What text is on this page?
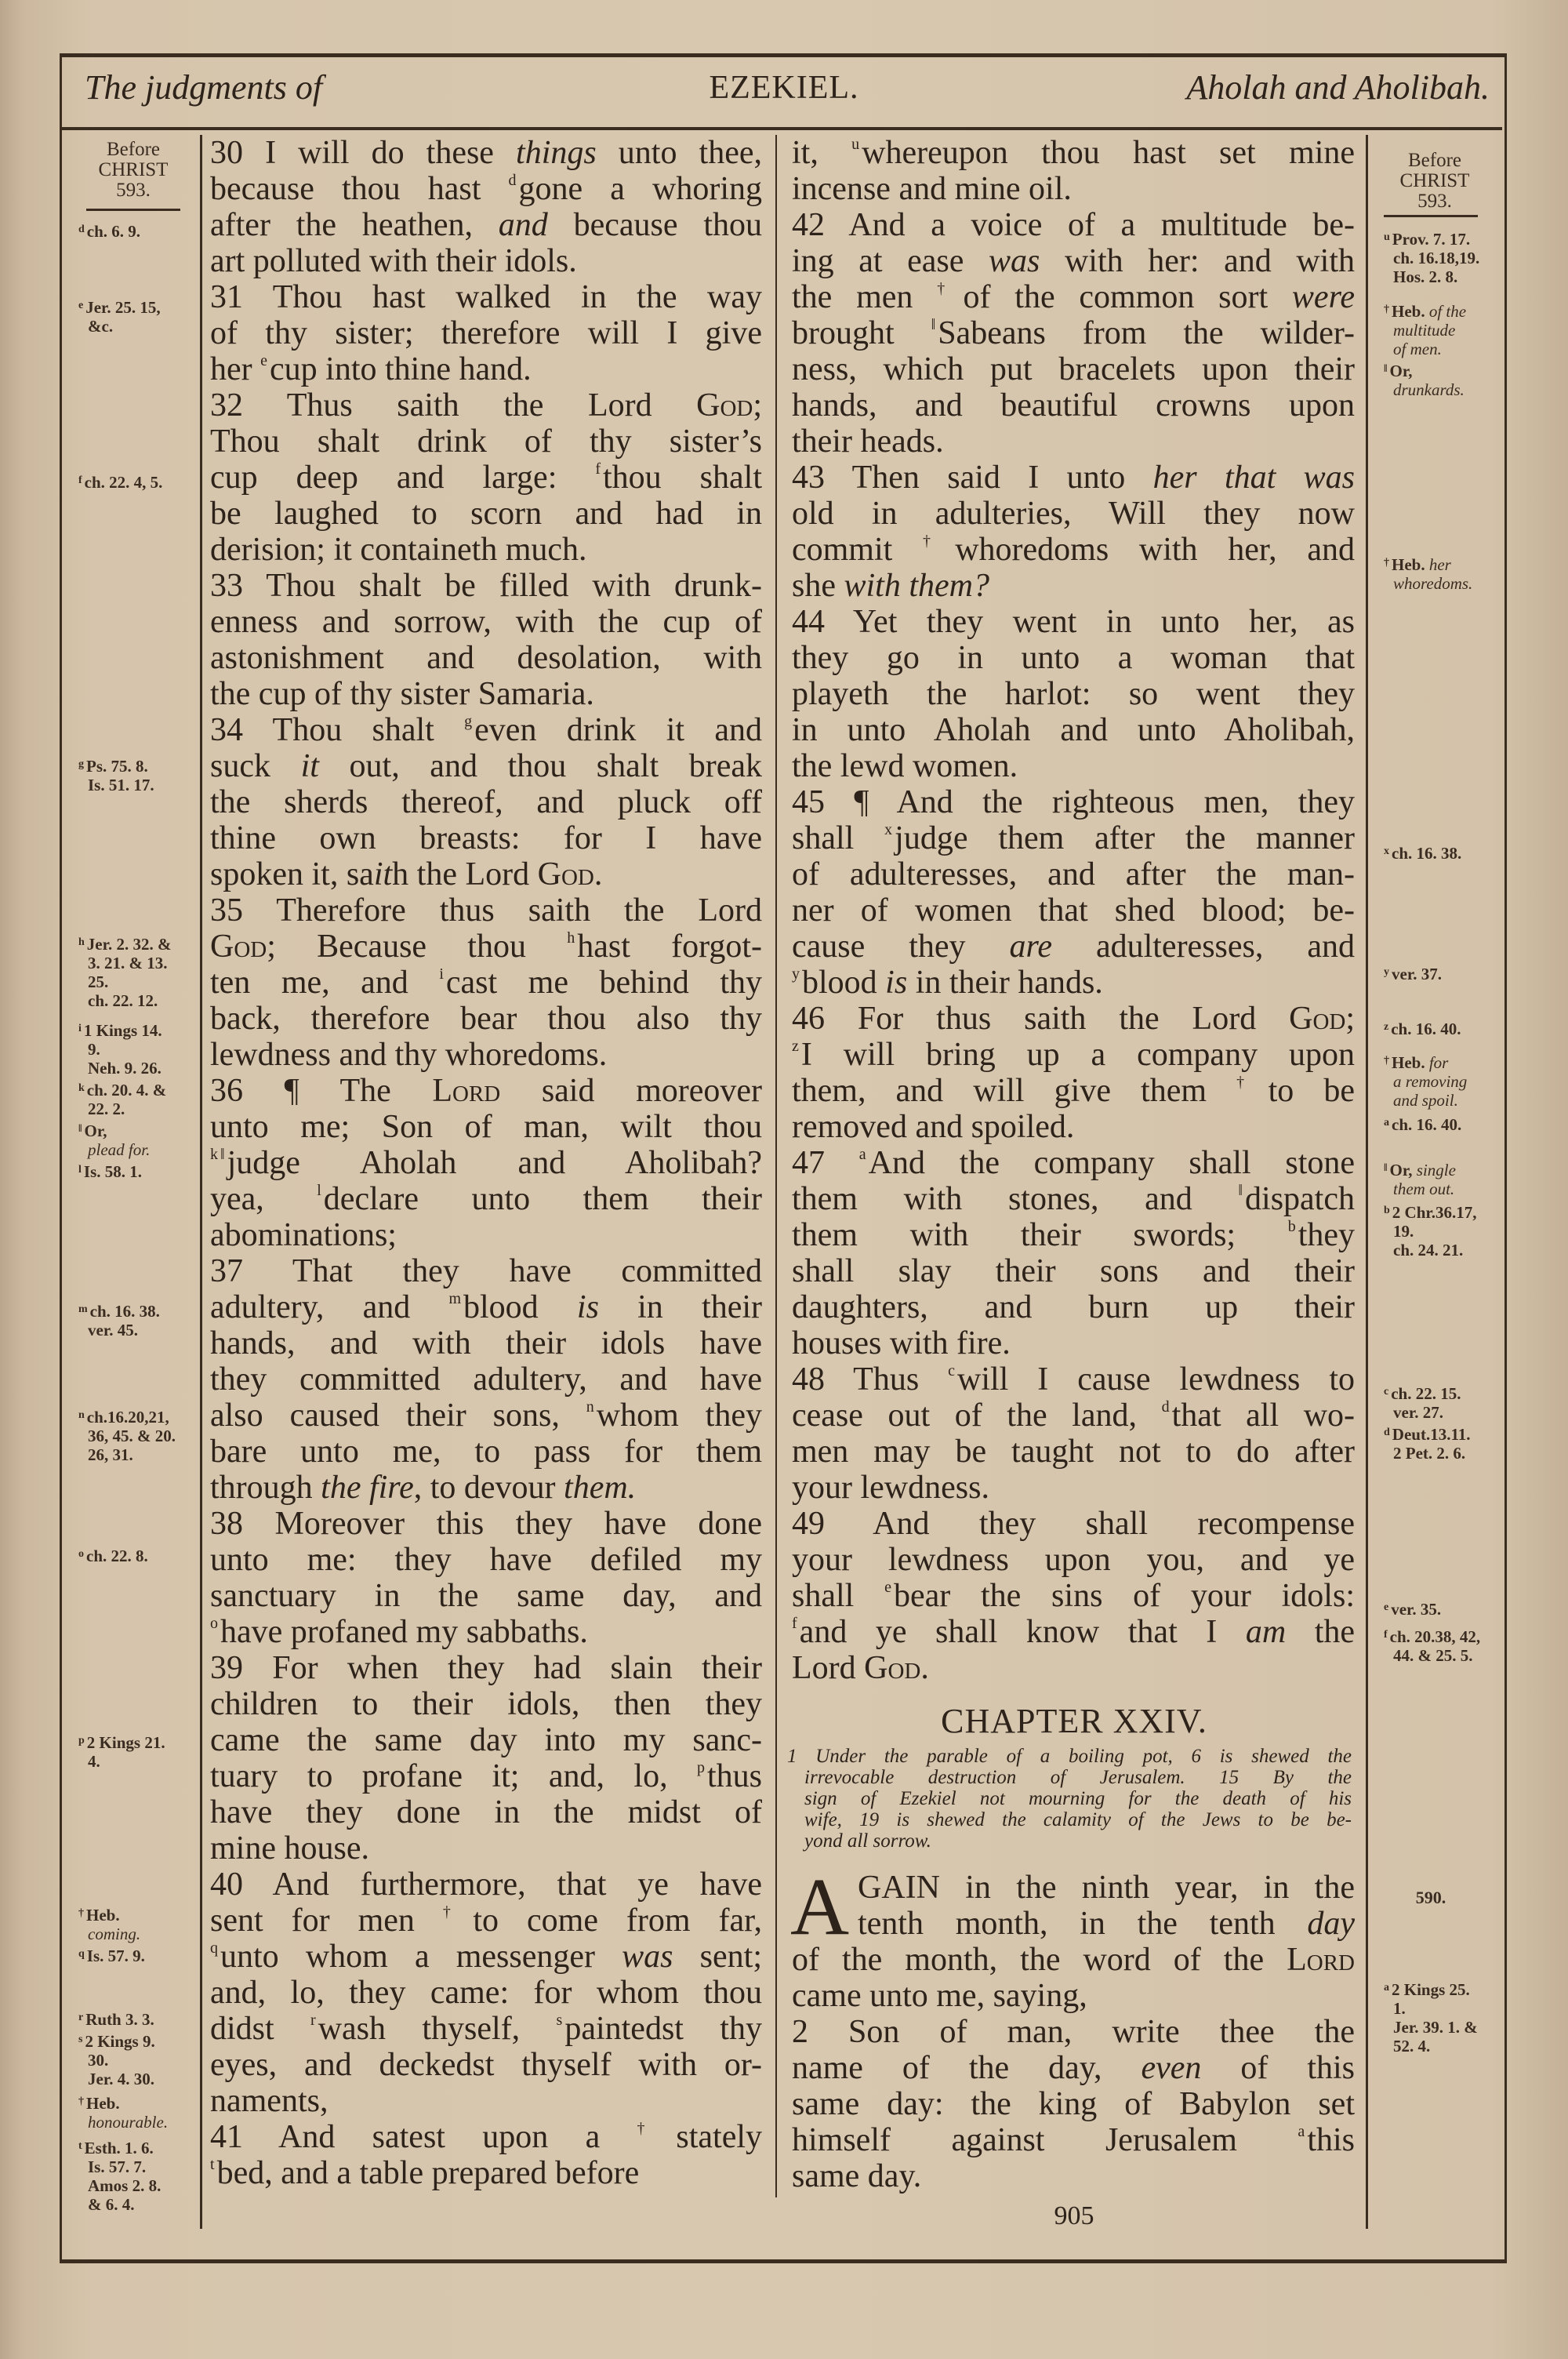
The judgments of	EZEKIEL.	Aholah and Aholibah.
Before
CHRIST
593.
$^d$ ch. 6. 9.
$^e$ Jer. 25. 15,
&c.
$^f$ ch. 22. 4, 5.
$^g$ Ps. 75. 8.
Is. 51. 17.
$^h$ Jer. 2. 32. &
3. 21. & 13.
25.
ch. 22. 12.
$^i$ 1 Kings 14.
9.
Neh. 9. 26.
$^k$ ch. 20. 4. &
22. 2.
‖ Or,
plead for.
$^l$ Is. 58. 1.
$^m$ ch. 16. 38.
ver. 45.
$^n$ ch.16.20,21,
36, 45. & 20.
26, 31.
$^o$ ch. 22. 8.
$^p$ 2 Kings 21.
4.
† Heb.
coming.
$^q$ Is. 57. 9.
$^r$ Ruth 3. 3.
$^s$ 2 Kings 9.
30.
Jer. 4. 30.
† Heb.
honourable.
$^t$ Esth. 1. 6.
Is. 57. 7.
Amos 2. 8.
& 6. 4.
Before
CHRIST
593.
590.
$^u$ Prov. 7. 17.
ch. 16.18,19.
Hos. 2. 8.
† Heb. of the
multitude
of men.
‖ Or,
drunkards.
† Heb. her
whoredoms.
$^x$ ch. 16. 38.
$^y$ ver. 37.
$^z$ ch. 16. 40.
† Heb. for
a removing
and spoil.
$^a$ ch. 16. 40.
‖ Or, single
them out.
$^b$ 2 Chr.36.17,
19.
ch. 24. 21.
$^c$ ch. 22. 15.
ver. 27.
$^d$ Deut.13.11.
2 Pet. 2. 6.
$^e$ ver. 35.
$^f$ ch. 20.38, 42,
44. & 25. 5.
$^a$ 2 Kings 25.
1.
Jer. 39. 1. &
52. 4.
30 I will do these things unto thee,
because thou hast $^d$gone a whoring
after the heathen, and because thou
art polluted with their idols.
31 Thou hast walked in the way
of thy sister; therefore will I give
her $^e$cup into thine hand.
32 Thus saith the Lord God;
Thou shalt drink of thy sister’s
cup deep and large: $^f$thou shalt
be laughed to scorn and had in
derision; it containeth much.
33 Thou shalt be filled with drunk-
enness and sorrow, with the cup of
astonishment and desolation, with
the cup of thy sister Samaria.
34 Thou shalt $^g$even drink it and
suck it out, and thou shalt break
the sherds thereof, and pluck off
thine own breasts: for I have
spoken it, saith the Lord God.
35 Therefore thus saith the Lord
God; Because thou $^h$hast forgot-
ten me, and $^i$cast me behind thy
back, therefore bear thou also thy
lewdness and thy whoredoms.
36 ¶ The Lord said moreover
unto me; Son of man, wilt thou
$^k$ ‖judge Aholah and Aholibah?
yea, $^l$declare unto them their
abominations;
37 That they have committed
adultery, and $^m$blood is in their
hands, and with their idols have
they committed adultery, and have
also caused their sons, $^n$whom they
bare unto me, to pass for them
through the fire, to devour them.
38 Moreover this they have done
unto me: they have defiled my
sanctuary in the same day, and
$^o$have profaned my sabbaths.
39 For when they had slain their
children to their idols, then they
came the same day into my sanc-
tuary to profane it; and, lo, $^p$thus
have they done in the midst of
mine house.
40 And furthermore, that ye have
sent for men †to come from far,
$^q$unto whom a messenger was sent;
and, lo, they came: for whom thou
didst $^r$wash thyself, $^s$paintedst thy
eyes, and deckedst thyself with or-
naments,
41 And satest upon a †stately
$^t$bed, and a table prepared before
it, $^u$whereupon thou hast set mine
incense and mine oil.
42 And a voice of a multitude be-
ing at ease was with her: and with
the men †of the common sort were
brought ‖Sabeans from the wilder-
ness, which put bracelets upon their
hands, and beautiful crowns upon
their heads.
43 Then said I unto her that was
old in adulteries, Will they now
commit †whoredoms with her, and
she with them?
44 Yet they went in unto her, as
they go in unto a woman that
playeth the harlot: so went they
in unto Aholah and unto Aholibah,
the lewd women.
45 ¶ And the righteous men, they
shall $^x$judge them after the manner
of adulteresses, and after the man-
ner of women that shed blood; be-
cause they are adulteresses, and
$^y$blood is in their hands.
46 For thus saith the Lord God;
$^z$I will bring up a company upon
them, and will give them †to be
removed and spoiled.
47 $^a$And the company shall stone
them with stones, and ‖dispatch
them with their swords; $^b$they
shall slay their sons and their
daughters, and burn up their
houses with fire.
48 Thus $^c$will I cause lewdness to
cease out of the land, $^d$that all wo-
men may be taught not to do after
your lewdness.
49 And they shall recompense
your lewdness upon you, and ye
shall $^e$bear the sins of your idols:
$^f$and ye shall know that I am the
Lord God.
CHAPTER XXIV.
1 Under the parable of a boiling pot, 6 is shewed the
irrevocable destruction of Jerusalem. 15 By the
sign of Ezekiel not mourning for the death of his
wife, 19 is shewed the calamity of the Jews to be be-
yond all sorrow.
A GAIN in the ninth year, in the
tenth month, in the tenth day
of the month, the word of the Lord
came unto me, saying,
2 Son of man, write thee the
name of the day, even of this
same day: the king of Babylon set
himself against Jerusalem $^a$this
same day.
905
